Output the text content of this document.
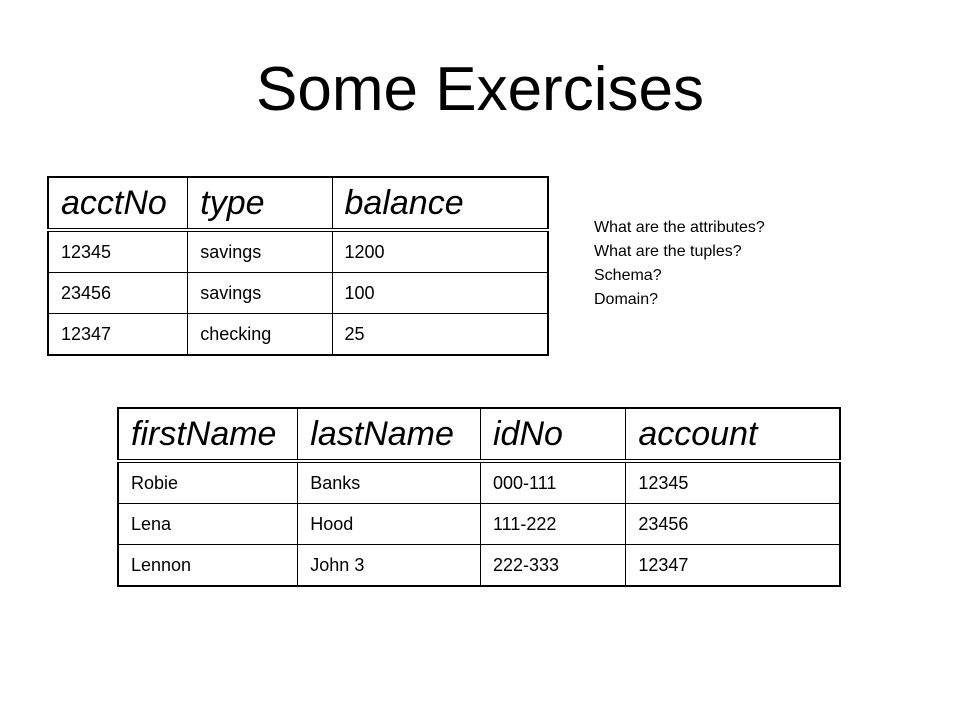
Some Exercises
acctNo	type	balance
12345	savings	1200
23456	savings	100
12347	checking	25
What are the attributes?
What are the tuples?
Schema?
Domain?
firstName	lastName	idNo	account
Robie	Banks	000-111	12345
Lena	Hood	111-222	23456
Lennon	John 3	222-333	12347
